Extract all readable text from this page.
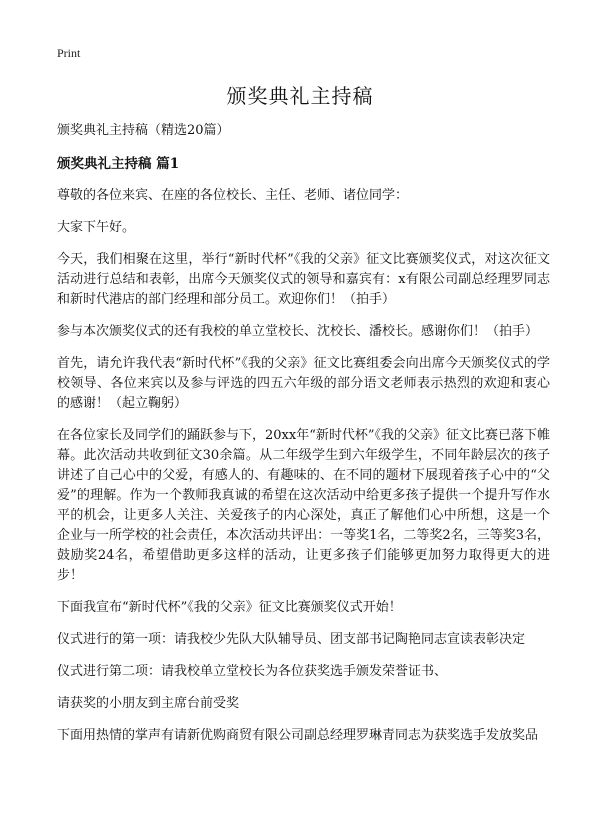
Print
颁奖典礼主持稿

颁奖典礼主持稿（精选20篇）

颁奖典礼主持稿 篇1

尊敬的各位来宾、在座的各位校长、主任、老师、诸位同学：

大家下午好。

今天，我们相聚在这里，举行“新时代杯”《我的父亲》征文比赛颁奖仪式，对这次征文活动进行总结和表彰，出席今天颁奖仪式的领导和嘉宾有：x有限公司副总经理罗同志和新时代港店的部门经理和部分员工。欢迎你们！（拍手）

参与本次颁奖仪式的还有我校的单立堂校长、沈校长、潘校长。感谢你们！（拍手）

首先，请允许我代表“新时代杯”《我的父亲》征文比赛组委会向出席今天颁奖仪式的学校领导、各位来宾以及参与评选的四五六年级的部分语文老师表示热烈的欢迎和衷心的感谢！（起立鞠躬）

在各位家长及同学们的踊跃参与下，20xx年“新时代杯”《我的父亲》征文比赛已落下帷幕。此次活动共收到征文30余篇。从二年级学生到六年级学生，不同年龄层次的孩子讲述了自己心中的父爱，有感人的、有趣味的、在不同的题材下展现着孩子心中的“父爱”的理解。作为一个教师我真诚的希望在这次活动中给更多孩子提供一个提升写作水平的机会，让更多人关注、关爱孩子的内心深处，真正了解他们心中所想，这是一个企业与一所学校的社会责任，本次活动共评出：一等奖1名，二等奖2名，三等奖3名，鼓励奖24名，希望借助更多这样的活动，让更多孩子们能够更加努力取得更大的进步！

下面我宣布“新时代杯”《我的父亲》征文比赛颁奖仪式开始！

仪式进行的第一项：请我校少先队大队辅导员、团支部书记陶艳同志宣读表彰决定

仪式进行第二项：请我校单立堂校长为各位获奖选手颁发荣誉证书、

请获奖的小朋友到主席台前受奖

下面用热情的掌声有请新优购商贸有限公司副总经理罗琳青同志为获奖选手发放奖品
